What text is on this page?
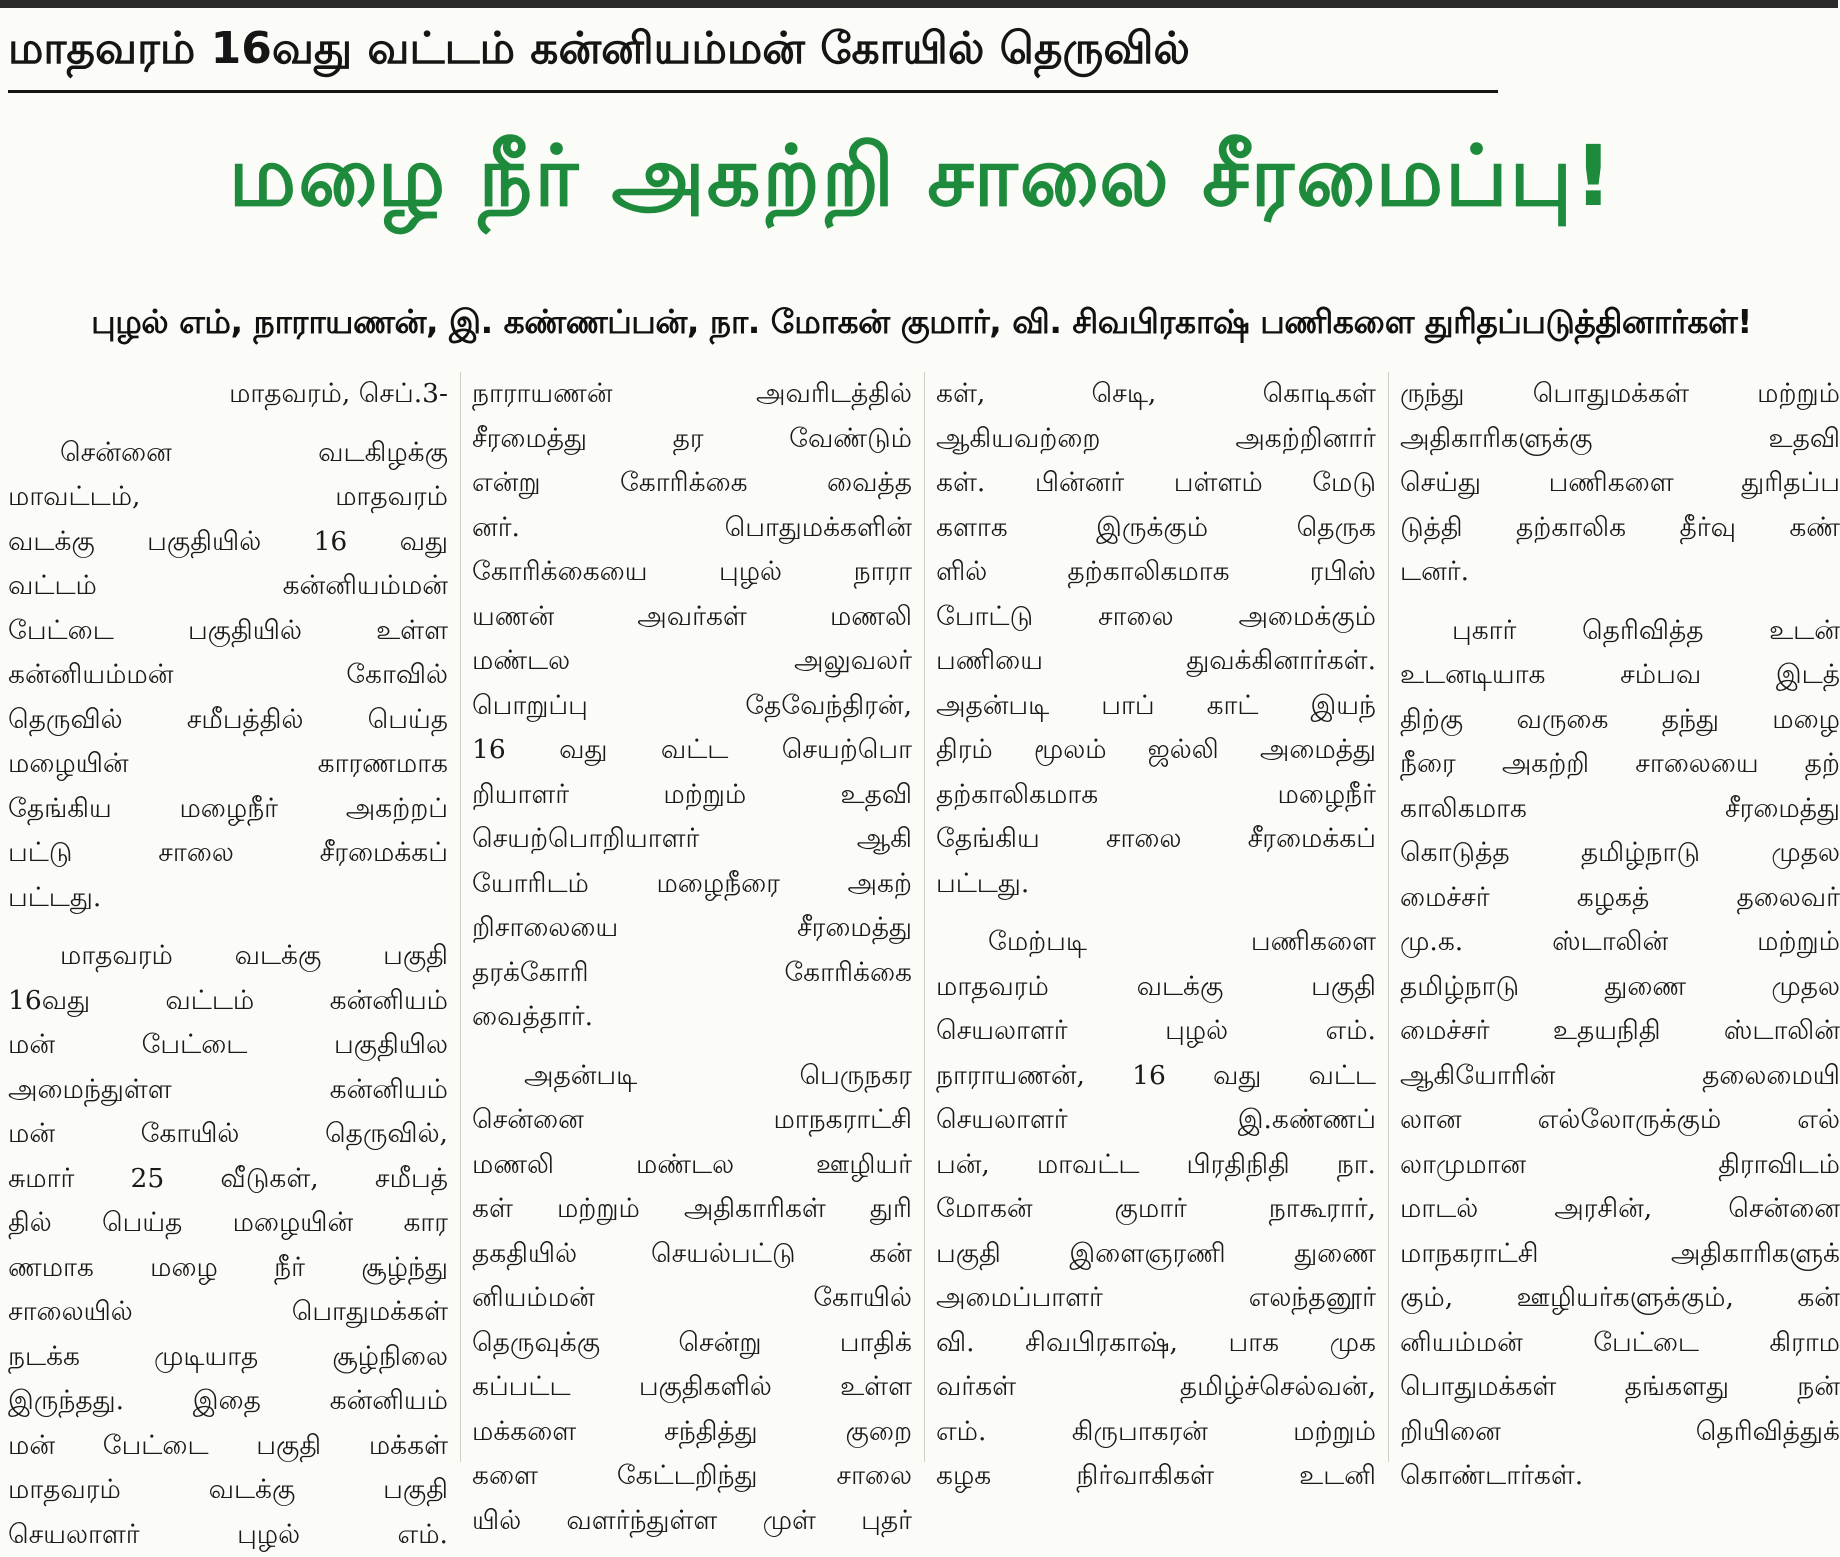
மாதவரம் 16வது வட்டம் கன்னியம்மன் கோயில் தெருவில்
மழை நீர் அகற்றி சாலை சீரமைப்பு!
புழல் எம், நாராயணன், இ. கண்ணப்பன், நா. மோகன் குமார், வி. சிவபிரகாஷ் பணிகளை துரிதப்படுத்தினார்கள்!
மாதவரம், செப்.3-
சென்னை	வடகிழக்கு
மாவட்டம்,	மாதவரம்
வடக்கு பகுதியில் 16 வது
வட்டம்	கன்னியம்மன்
பேட்டை	பகுதியில்	உள்ள
கன்னியம்மன்	கோவில்
தெருவில் சமீபத்தில் பெய்த
மழையின்	காரணமாக
தேங்கிய	மழைநீர்	அகற்றப்
பட்டு	சாலை	சீரமைக்கப்
பட்டது.
மாதவரம் வடக்கு பகுதி
16வது	வட்டம்	கன்னியம்
மன்	பேட்டை	பகுதியில
அமைந்துள்ள	கன்னியம்
மன்	கோயில்	தெருவில்,
சுமார் 25 வீடுகள், சமீபத்
தில் பெய்த மழையின் கார
ணமாக மழை நீர் சூழ்ந்து
சாலையில்	பொதுமக்கள்
நடக்க	முடியாத	சூழ்நிலை
இருந்தது.	இதை	கன்னியம்
மன் பேட்டை பகுதி மக்கள்
மாதவரம்	வடக்கு	பகுதி
செயலாளர்	புழல்	எம்.
நாராயணன்	அவரிடத்தில்
சீரமைத்து	தர	வேண்டும்
என்று	கோரிக்கை	வைத்த
னர்.	பொதுமக்களின்
கோரிக்கையை	புழல்	நாரா
யணன்	அவர்கள்	மணலி
மண்டல	அலுவலர்
பொறுப்பு	தேவேந்திரன்,
16 வது வட்ட செயற்பொ
றியாளர்	மற்றும்	உதவி
செயற்பொறியாளர்	ஆகி
யோரிடம்	மழைநீரை	அகற்
றிசாலையை	சீரமைத்து
தரக்கோரி	கோரிக்கை
வைத்தார்.
அதன்படி	பெருநகர
சென்னை	மாநகராட்சி
மணலி	மண்டல	ஊழியர்
கள் மற்றும் அதிகாரிகள் துரி
தகதியில்	செயல்பட்டு	கன்
னியம்மன்	கோயில்
தெருவுக்கு	சென்று	பாதிக்
கப்பட்ட	பகுதிகளில்	உள்ள
மக்களை	சந்தித்து	குறை
களை	கேட்டறிந்து	சாலை
யில் வளர்ந்துள்ள முள் புதர்
கள்,	செடி,	கொடிகள்
ஆகியவற்றை	அகற்றினார்
கள். பின்னர் பள்ளம் மேடு
களாக	இருக்கும்	தெருக
ளில்	தற்காலிகமாக	ரபிஸ்
போட்டு சாலை அமைக்கும்
பணியை	துவக்கினார்கள்.
அதன்படி பாப் காட் இயந்
திரம் மூலம் ஜல்லி அமைத்து
தற்காலிகமாக	மழைநீர்
தேங்கிய சாலை சீரமைக்கப்
பட்டது.
மேற்படி	பணிகளை
மாதவரம்	வடக்கு	பகுதி
செயலாளர்	புழல்	எம்.
நாராயணன், 16 வது வட்ட
செயலாளர்	இ.கண்ணப்
பன், மாவட்ட பிரதிநிதி நா.
மோகன்	குமார்	நாகூரார்,
பகுதி	இளைஞரணி	துணை
அமைப்பாளர்	எலந்தனூர்
வி. சிவபிரகாஷ், பாக முக
வர்கள்	தமிழ்ச்செல்வன்,
எம்.	கிருபாகரன்	மற்றும்
கழக	நிர்வாகிகள்	உடனி
ருந்து	பொதுமக்கள்	மற்றும்
அதிகாரிகளுக்கு	உதவி
செய்து	பணிகளை	துரிதப்ப
டுத்தி தற்காலிக தீர்வு கண்
டனர்.
புகார் தெரிவித்த உடன்
உடனடியாக	சம்பவ	இடத்
திற்கு வருகை தந்து மழை
நீரை அகற்றி சாலையை தற்
காலிகமாக	சீரமைத்து
கொடுத்த	தமிழ்நாடு	முதல
மைச்சர்	கழகத்	தலைவர்
மு.க.	ஸ்டாலின்	மற்றும்
தமிழ்நாடு	துணை	முதல
மைச்சர் உதயநிதி ஸ்டாலின்
ஆகியோரின்	தலைமையி
லான	எல்லோருக்கும்	எல்
லாமுமான	திராவிடம்
மாடல்	அரசின்,	சென்னை
மாநகராட்சி	அதிகாரிகளுக்
கும், ஊழியர்களுக்கும், கன்
னியம்மன்	பேட்டை	கிராம
பொதுமக்கள்	தங்களது	நன்
றியினை	தெரிவித்துக்
கொண்டார்கள்.
